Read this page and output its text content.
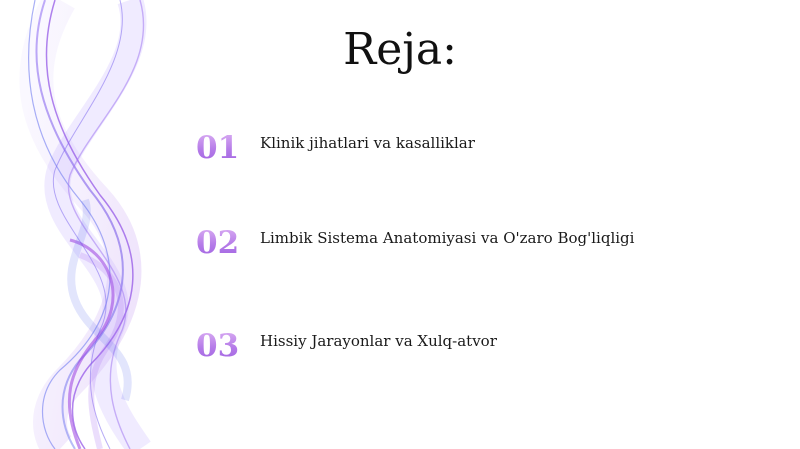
Reja:
01	Klinik jihatlari va kasalliklar
02	Limbik Sistema Anatomiyasi va O'zaro Bog'liqligi
03	Hissiy Jarayonlar va Xulq-atvor
